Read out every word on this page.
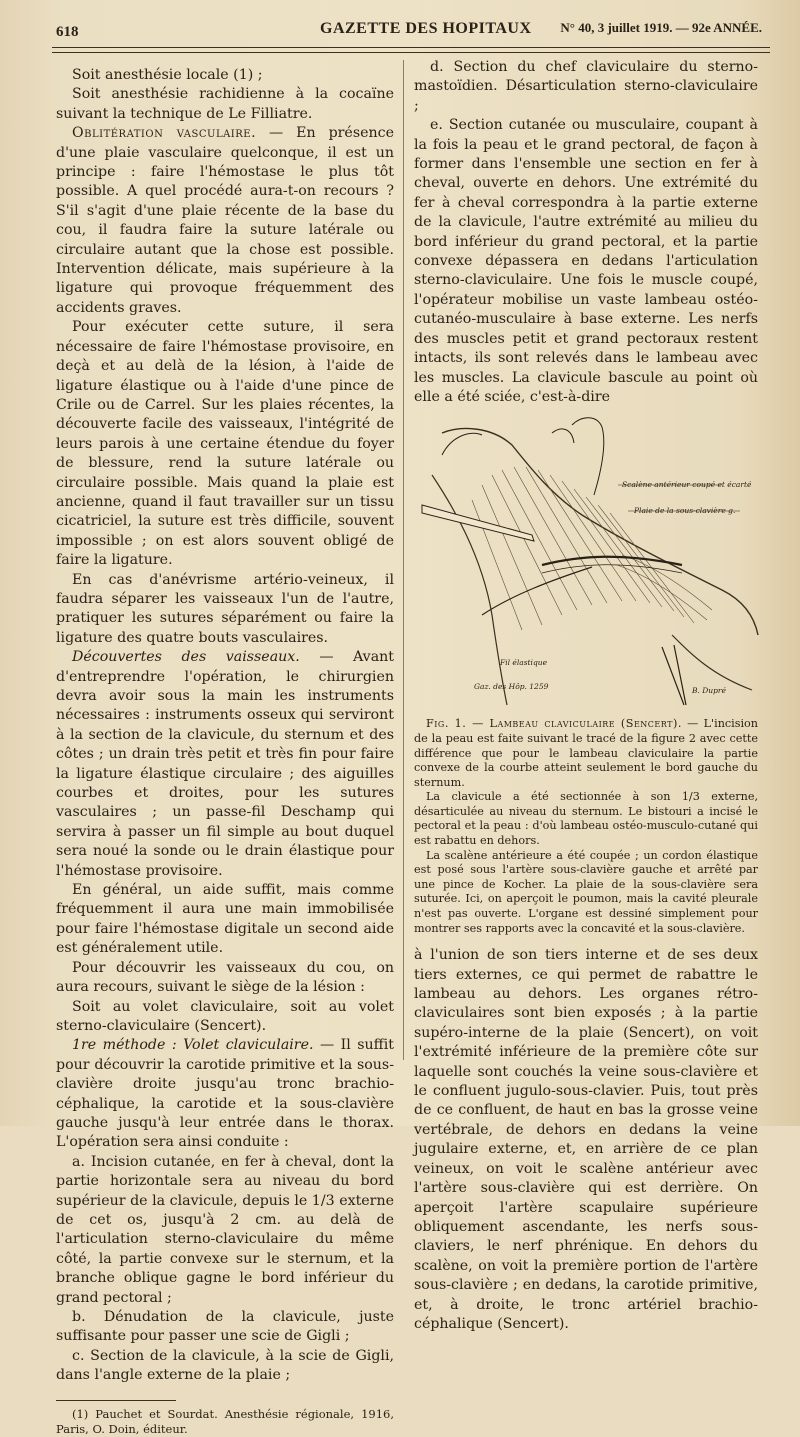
618	GAZETTE DES HOPITAUX N° 40, 3 juillet 1919. — 92e ANNÉE.

Soit anesthésie locale (1) ;

Soit anesthésie rachidienne à la cocaïne suivant la technique de Le Filliatre.

Oblitération vasculaire. — En présence d'une plaie vasculaire quelconque, il est un principe : faire l'hémostase le plus tôt possible. A quel procédé aura-t-on recours ? S'il s'agit d'une plaie récente de la base du cou, il faudra faire la suture latérale ou circulaire autant que la chose est possible. Intervention délicate, mais supérieure à la ligature qui provoque fréquemment des accidents graves.

Pour exécuter cette suture, il sera nécessaire de faire l'hémostase provisoire, en deçà et au delà de la lésion, à l'aide de ligature élastique ou à l'aide d'une pince de Crile ou de Carrel. Sur les plaies récentes, la découverte facile des vaisseaux, l'intégrité de leurs parois à une certaine étendue du foyer de blessure, rend la suture latérale ou circulaire possible. Mais quand la plaie est ancienne, quand il faut travailler sur un tissu cicatriciel, la suture est très difficile, souvent impossible ; on est alors souvent obligé de faire la ligature.

En cas d'anévrisme artério-veineux, il faudra séparer les vaisseaux l'un de l'autre, pratiquer les sutures séparément ou faire la ligature des quatre bouts vasculaires.

Découvertes des vaisseaux. — Avant d'entreprendre l'opération, le chirurgien devra avoir sous la main les instruments nécessaires : instruments osseux qui serviront à la section de la clavicule, du sternum et des côtes ; un drain très petit et très fin pour faire la ligature élastique circulaire ; des aiguilles courbes et droites, pour les sutures vasculaires ; un passe-fil Deschamp qui servira à passer un fil simple au bout duquel sera noué la sonde ou le drain élastique pour l'hémostase provisoire.

En général, un aide suffit, mais comme fréquemment il aura une main immobilisée pour faire l'hémostase digitale un second aide est généralement utile.

Pour découvrir les vaisseaux du cou, on aura recours, suivant le siège de la lésion :

Soit au volet claviculaire, soit au volet sterno-claviculaire (Sencert).

1re méthode : Volet claviculaire. — Il suffit pour découvrir la carotide primitive et la sous-clavière droite jusqu'au tronc brachio-céphalique, la carotide et la sous-clavière gauche jusqu'à leur entrée dans le thorax. L'opération sera ainsi conduite :

a. Incision cutanée, en fer à cheval, dont la partie horizontale sera au niveau du bord supérieur de la clavicule, depuis le 1/3 externe de cet os, jusqu'à 2 cm. au delà de l'articulation sterno-claviculaire du même côté, la partie convexe sur le sternum, et la branche oblique gagne le bord inférieur du grand pectoral ;

b. Dénudation de la clavicule, juste suffisante pour passer une scie de Gigli ;

c. Section de la clavicule, à la scie de Gigli, dans l'angle externe de la plaie ;

(1) Pauchet et Sourdat. Anesthésie régionale, 1916, Paris, O. Doin, éditeur.

d. Section du chef claviculaire du sterno-mastoïdien. Désarticulation sterno-claviculaire ;

e. Section cutanée ou musculaire, coupant à la fois la peau et le grand pectoral, de façon à former dans l'ensemble une section en fer à cheval, ouverte en dehors. Une extrémité du fer à cheval correspondra à la partie externe de la clavicule, l'autre extrémité au milieu du bord inférieur du grand pectoral, et la partie convexe dépassera en dedans l'articulation sterno-claviculaire. Une fois le muscle coupé, l'opérateur mobilise un vaste lambeau ostéo-cutanéo-musculaire à base externe. Les nerfs des muscles petit et grand pectoraux restent intacts, ils sont relevés dans le lambeau avec les muscles. La clavicule bascule au point où elle a été sciée, c'est-à-dire

Scalène antérieur coupé et écarté
Plaie de la sous-clavière g.
Fil élastique
Gaz. des Hôp. 1259	B. Dupré

Fig. 1. — Lambeau claviculaire (Sencert). — L'incision de la peau est faite suivant le tracé de la figure 2 avec cette différence que pour le lambeau claviculaire la partie convexe de la courbe atteint seulement le bord gauche du sternum.

La clavicule a été sectionnée à son 1/3 externe, désarticulée au niveau du sternum. Le bistouri a incisé le pectoral et la peau : d'où lambeau ostéo-musculo-cutané qui est rabattu en dehors.

La scalène antérieure a été coupée ; un cordon élastique est posé sous l'artère sous-clavière gauche et arrêté par une pince de Kocher. La plaie de la sous-clavière sera suturée. Ici, on aperçoit le poumon, mais la cavité pleurale n'est pas ouverte. L'organe est dessiné simplement pour montrer ses rapports avec la concavité et la sous-clavière.

à l'union de son tiers interne et de ses deux tiers externes, ce qui permet de rabattre le lambeau au dehors. Les organes rétro-claviculaires sont bien exposés ; à la partie supéro-interne de la plaie (Sencert), on voit l'extrémité inférieure de la première côte sur laquelle sont couchés la veine sous-clavière et le confluent jugulo-sous-clavier. Puis, tout près de ce confluent, de haut en bas la grosse veine vertébrale, de dehors en dedans la veine jugulaire externe, et, en arrière de ce plan veineux, on voit le scalène antérieur avec l'artère sous-clavière qui est derrière. On aperçoit l'artère scapulaire supérieure obliquement ascendante, les nerfs sous-claviers, le nerf phrénique. En dehors du scalène, on voit la première portion de l'artère sous-clavière ; en dedans, la carotide primitive, et, à droite, le tronc artériel brachio-céphalique (Sencert).
